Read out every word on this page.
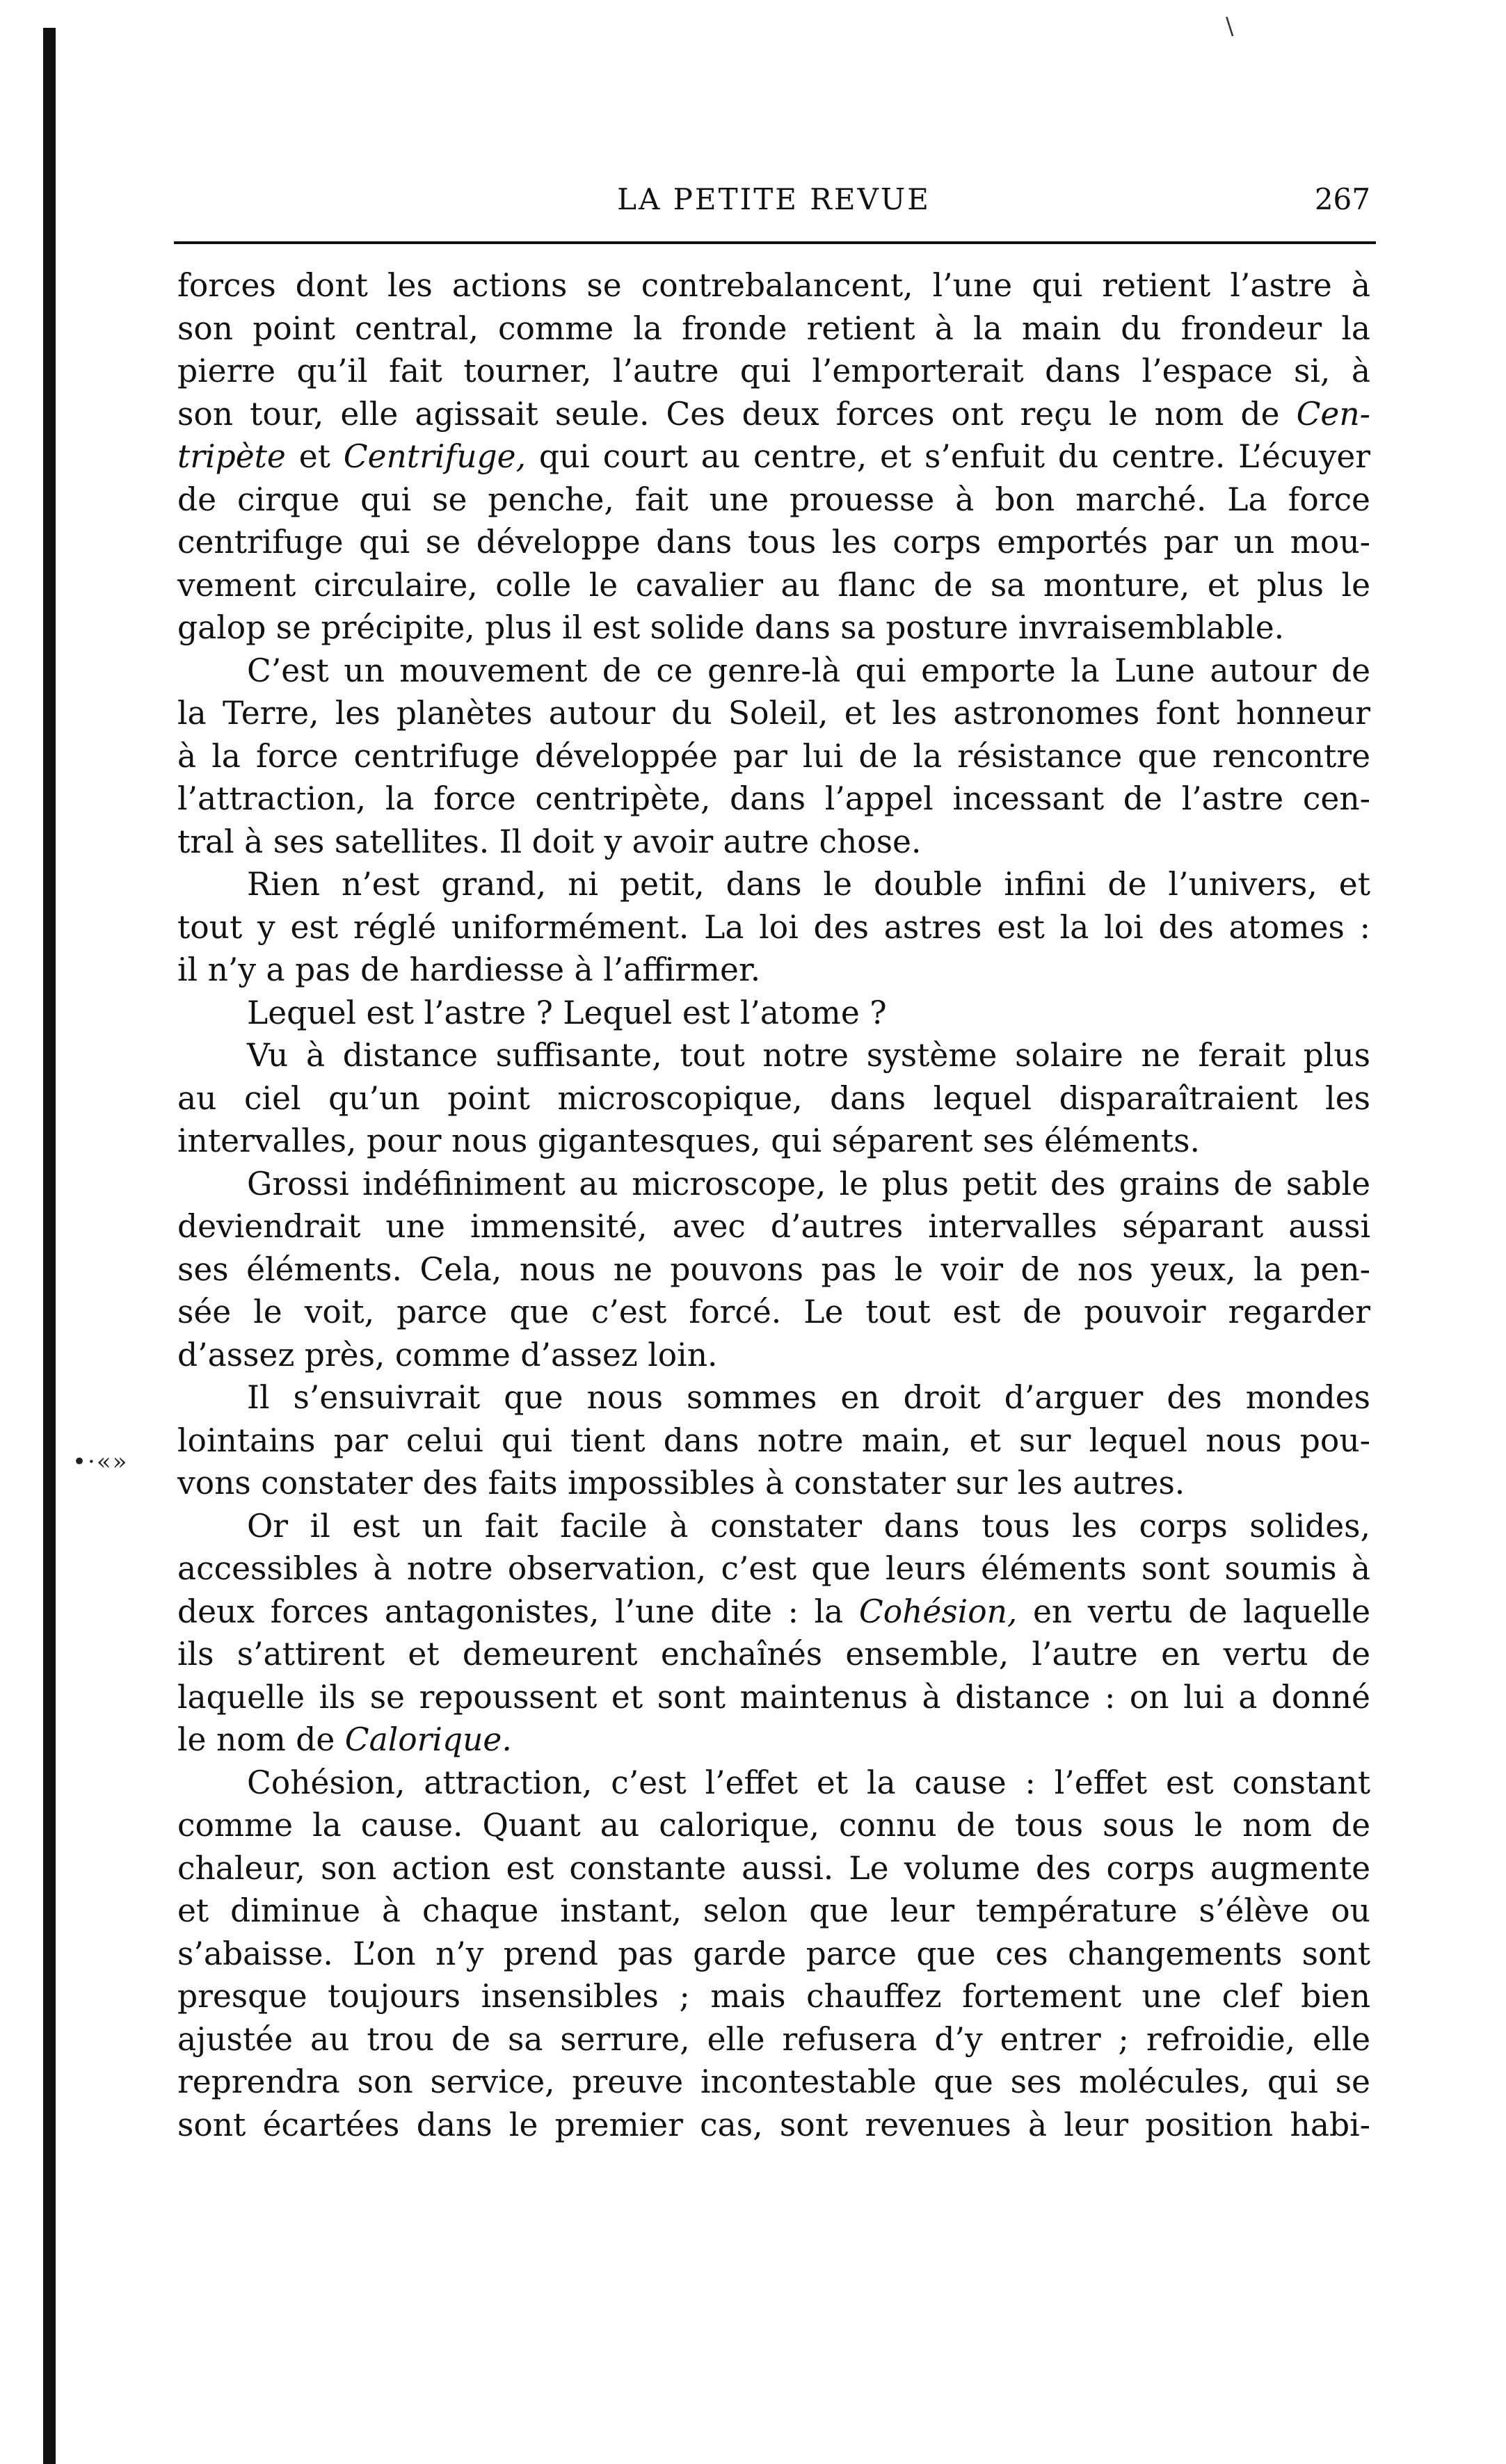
\
LA PETITE REVUE	267
•·«»
forces dont les actions se contrebalancent, l’une qui retient l’astre à
son point central, comme la fronde retient à la main du frondeur la
pierre qu’il fait tourner, l’autre qui l’emporterait dans l’espace si, à
son tour, elle agissait seule. Ces deux forces ont reçu le nom de Cen-
tripète et Centrifuge, qui court au centre, et s’enfuit du centre. L’écuyer
de cirque qui se penche, fait une prouesse à bon marché. La force
centrifuge qui se développe dans tous les corps emportés par un mou-
vement circulaire, colle le cavalier au flanc de sa monture, et plus le
galop se précipite, plus il est solide dans sa posture invraisemblable.
C’est un mouvement de ce genre-là qui emporte la Lune autour de
la Terre, les planètes autour du Soleil, et les astronomes font honneur
à la force centrifuge développée par lui de la résistance que rencontre
l’attraction, la force centripète, dans l’appel incessant de l’astre cen-
tral à ses satellites. Il doit y avoir autre chose.
Rien n’est grand, ni petit, dans le double infini de l’univers, et
tout y est réglé uniformément. La loi des astres est la loi des atomes :
il n’y a pas de hardiesse à l’affirmer.
Lequel est l’astre ? Lequel est l’atome ?
Vu à distance suffisante, tout notre système solaire ne ferait plus
au ciel qu’un point microscopique, dans lequel disparaîtraient les
intervalles, pour nous gigantesques, qui séparent ses éléments.
Grossi indéfiniment au microscope, le plus petit des grains de sable
deviendrait une immensité, avec d’autres intervalles séparant aussi
ses éléments. Cela, nous ne pouvons pas le voir de nos yeux, la pen-
sée le voit, parce que c’est forcé. Le tout est de pouvoir regarder
d’assez près, comme d’assez loin.
Il s’ensuivrait que nous sommes en droit d’arguer des mondes
lointains par celui qui tient dans notre main, et sur lequel nous pou-
vons constater des faits impossibles à constater sur les autres.
Or il est un fait facile à constater dans tous les corps solides,
accessibles à notre observation, c’est que leurs éléments sont soumis à
deux forces antagonistes, l’une dite : la Cohésion, en vertu de laquelle
ils s’attirent et demeurent enchaînés ensemble, l’autre en vertu de
laquelle ils se repoussent et sont maintenus à distance : on lui a donné
le nom de Calorique.
Cohésion, attraction, c’est l’effet et la cause : l’effet est constant
comme la cause. Quant au calorique, connu de tous sous le nom de
chaleur, son action est constante aussi. Le volume des corps augmente
et diminue à chaque instant, selon que leur température s’élève ou
s’abaisse. L’on n’y prend pas garde parce que ces changements sont
presque toujours insensibles ; mais chauffez fortement une clef bien
ajustée au trou de sa serrure, elle refusera d’y entrer ; refroidie, elle
reprendra son service, preuve incontestable que ses molécules, qui se
sont écartées dans le premier cas, sont revenues à leur position habi-
